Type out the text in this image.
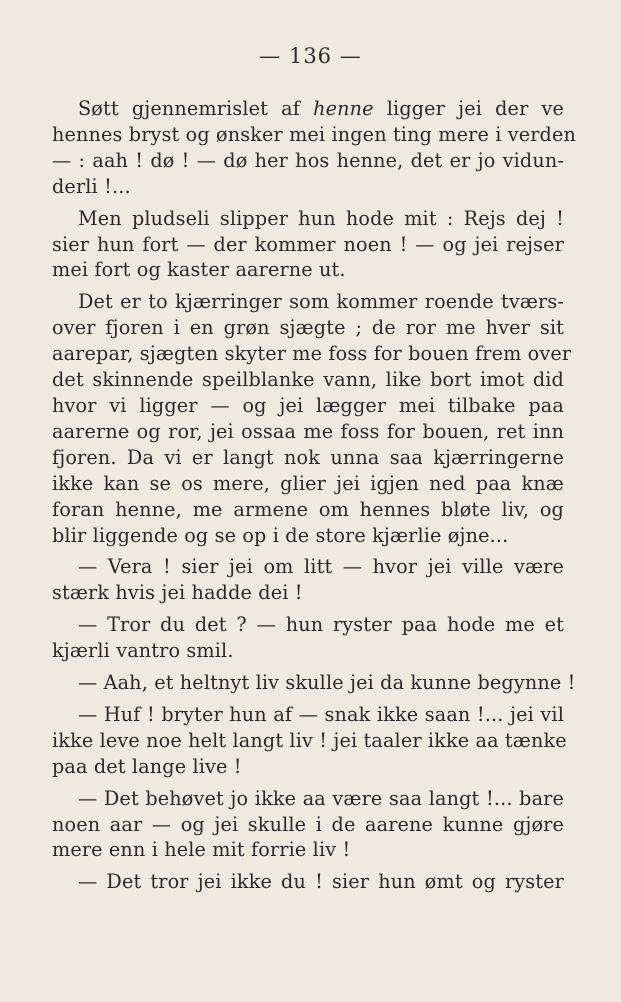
— 136 —
Søtt gjennemrislet af henne ligger jei der ve
hennes bryst og ønsker mei ingen ting mere i verden
— : aah ! dø ! — dø her hos henne, det er jo vidun-
derli !...
Men pludseli slipper hun hode mit : Rejs dej !
sier hun fort — der kommer noen ! — og jei rejser
mei fort og kaster aarerne ut.
Det er to kjærringer som kommer roende tværs-
over fjoren i en grøn sjægte ; de ror me hver sit
aarepar, sjægten skyter me foss for bouen frem over
det skinnende speilblanke vann, like bort imot did
hvor vi ligger — og jei lægger mei tilbake paa
aarerne og ror, jei ossaa me foss for bouen, ret inn
fjoren. Da vi er langt nok unna saa kjærringerne
ikke kan se os mere, glier jei igjen ned paa knæ
foran henne, me armene om hennes bløte liv, og
blir liggende og se op i de store kjærlie øjne...
— Vera ! sier jei om litt — hvor jei ville være
stærk hvis jei hadde dei !
— Tror du det ? — hun ryster paa hode me et
kjærli vantro smil.
— Aah, et heltnyt liv skulle jei da kunne begynne !
— Huf ! bryter hun af — snak ikke saan !... jei vil
ikke leve noe helt langt liv ! jei taaler ikke aa tænke
paa det lange live !
— Det behøvet jo ikke aa være saa langt !... bare
noen aar — og jei skulle i de aarene kunne gjøre
mere enn i hele mit forrie liv !
— Det tror jei ikke du ! sier hun ømt og ryster
